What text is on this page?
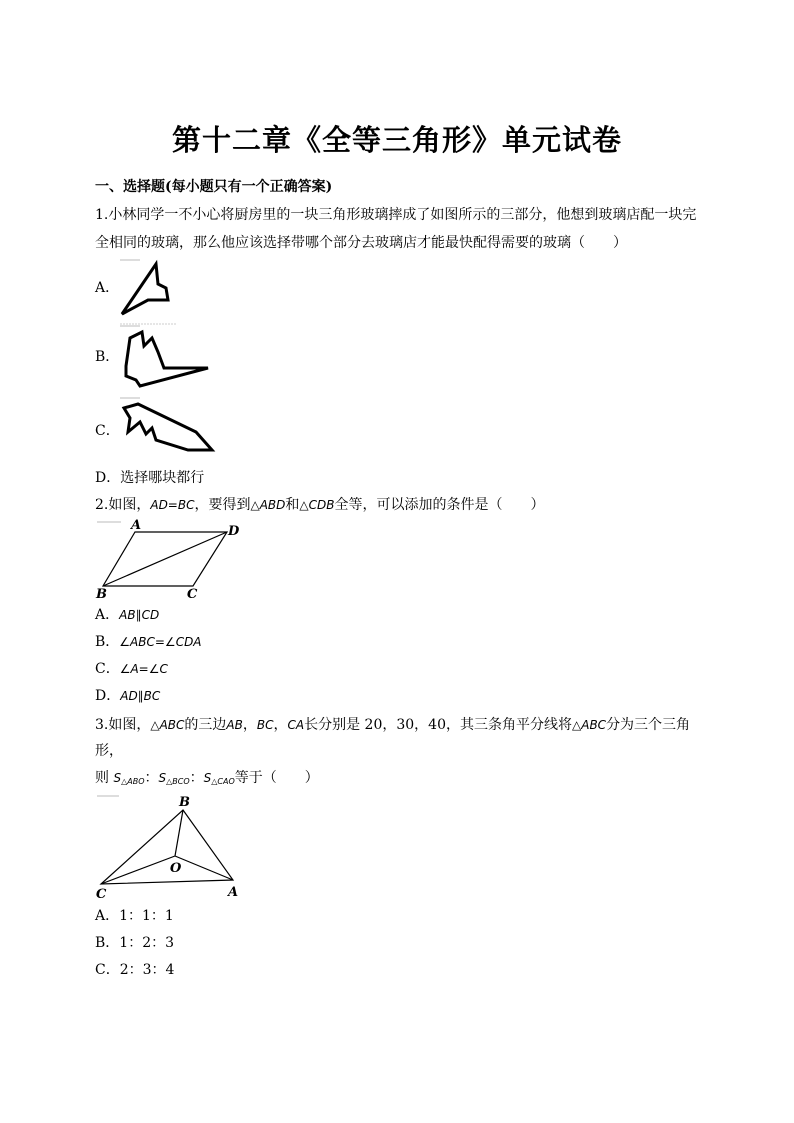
第十二章《全等三角形》单元试卷
一、选择题(每小题只有一个正确答案)
1.小林同学一不小心将厨房里的一块三角形玻璃摔成了如图所示的三部分，他想到玻璃店配一块完
全相同的玻璃，那么他应该选择带哪个部分去玻璃店才能最快配得需要的玻璃（　　）
A．
B．
C．
D．选择哪块都行
2.如图，AD=BC，要得到△ABD和△CDB全等，可以添加的条件是（　　）
A	D
B	C
A．AB∥CD
B．∠ABC=∠CDA
C．∠A=∠C
D．AD∥BC
3.如图，△ABC的三边AB，BC，CA长分别是 20，30，40，其三条角平分线将△ABC分为三个三角
形，
则 S△ABO：S△BCO：S△CAO等于（　　）
B
C	A
O
A．1：1：1
B．1：2：3
C．2：3：4
